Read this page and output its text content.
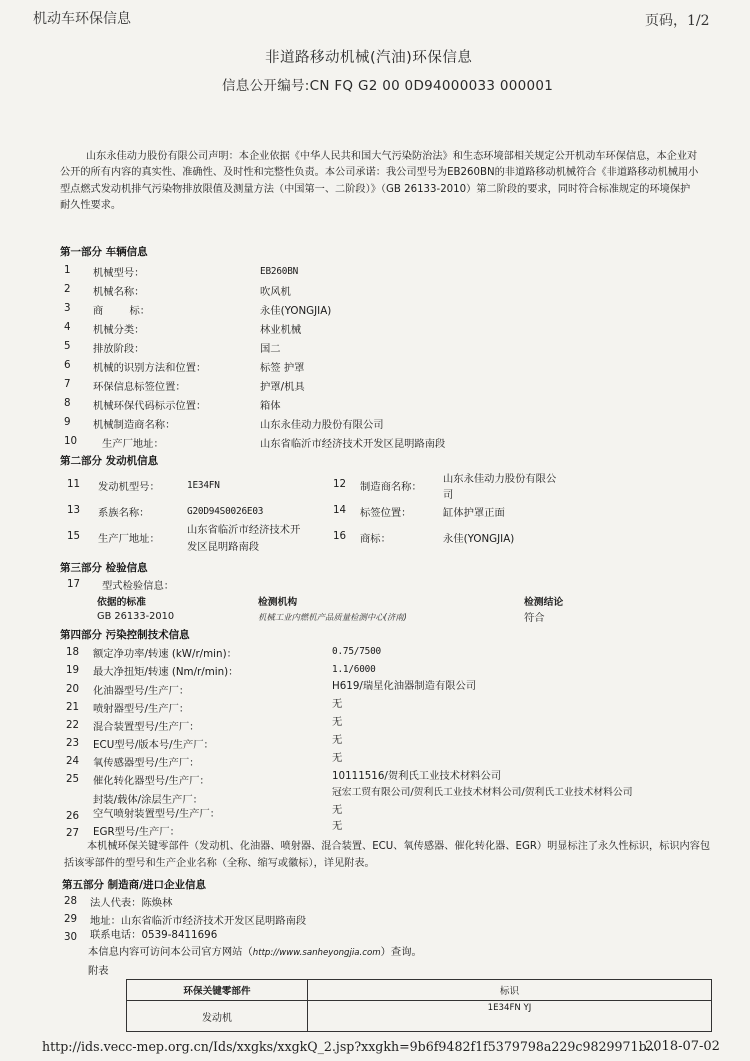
机动车环保信息	页码，1/2
非道路移动机械(汽油)环保信息
信息公开编号:CN FQ G2 00 0D94000033 000001
山东永佳动力股份有限公司声明：本企业依据《中华人民共和国大气污染防治法》和生态环境部相关规定公开机动车环保信息，本企业对公开的所有内容的真实性、准确性、及时性和完整性负责。本公司承诺：我公司型号为EB260BN的非道路移动机械符合《非道路移动机械用小型点燃式发动机排气污染物排放限值及测量方法（中国第一、二阶段）》（GB 26133-2010）第二阶段的要求，同时符合标准规定的环境保护耐久性要求。
第一部分 车辆信息
1 机械型号：	EB260BN
2 机械名称：	吹风机
3 商        标：	永佳(YONGJIA)
4 机械分类：	林业机械
5 排放阶段：	国二
6 机械的识别方法和位置：	标签 护罩
7 环保信息标签位置：	护罩/机具
8 机械环保代码标示位置：	箱体
9 机械制造商名称：	山东永佳动力股份有限公司
10 生产厂地址：	山东省临沂市经济技术开发区昆明路南段
第二部分 发动机信息
11 发动机型号：	1E34FN	12 制造商名称：
山东永佳动力股份有限公
司
13 系族名称：	G20D94S0026E03	14 标签位置：	缸体护罩正面
15 生产厂地址：
山东省临沂市经济技术开
发区昆明路南段
16 商标：	永佳(YONGJIA)
第三部分 检验信息
17 型式检验信息：
依据的标准	检测机构	检测结论
GB 26133-2010	机械工业内燃机产品质量检测中心(济南)	符合
第四部分 污染控制技术信息
18 额定净功率/转速 (kW/r/min)：	0.75/7500
19 最大净扭矩/转速 (Nm/r/min)：	1.1/6000
20 化油器型号/生产厂：	H619/瑞星化油器制造有限公司
21 喷射器型号/生产厂：	无
22 混合装置型号/生产厂：	无
23 ECU型号/版本号/生产厂：	无
24 氧传感器型号/生产厂：	无
25 催化转化器型号/生产厂：	10111516/贺利氏工业技术材料公司
封装/载体/涂层生产厂：
冠宏工贸有限公司/贺利氏工业技术材料公司/贺利氏工业技术材料公司
26 空气喷射装置型号/生产厂：	无
27 EGR型号/生产厂：	无
本机械环保关键零部件（发动机、化油器、喷射器、混合装置、ECU、氧传感器、催化转化器、EGR）明显标注了永久性标识，标识内容包括该零部件的型号和生产企业名称（全称、缩写或徽标），详见附表。
第五部分 制造商/进口企业信息
28 法人代表：陈焕林
29 地址：山东省临沂市经济技术开发区昆明路南段
30 联系电话：0539-8411696
本信息内容可访问本公司官方网站（http://www.sanheyongjia.com）查询。
附表
环保关键零部件	标识
发动机	1E34FN YJ
http://ids.vecc-mep.org.cn/Ids/xxgks/xxgkQ_2.jsp?xxgkh=9b6f9482f1f5379798a229c9829971b...
2018-07-02
